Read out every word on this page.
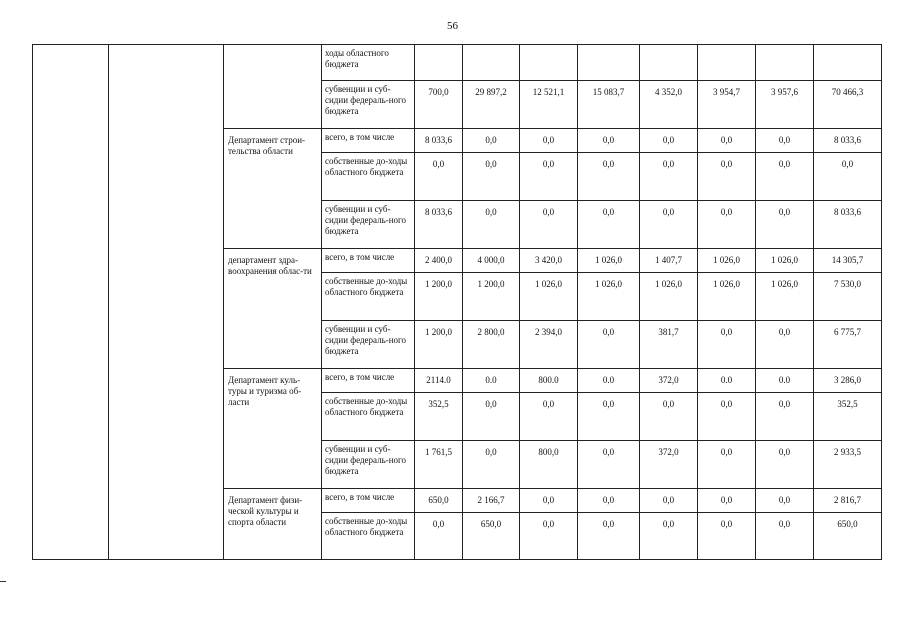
56
			ходы областного бюджета								
			субвенции и суб-сидии федераль-ного бюджета	700,0	29 897,2	12 521,1	15 083,7	4 352,0	3 954,7	3 957,6	70 466,3
		Департамент строи-тельства области	всего, в том числе	8 033,6	0,0	0,0	0,0	0,0	0,0	0,0	8 033,6
			собственные до-ходы областного бюджета	0,0	0,0	0,0	0,0	0,0	0,0	0,0	0,0
			субвенции и суб-сидии федераль-ного бюджета	8 033,6	0,0	0,0	0,0	0,0	0,0	0,0	8 033,6
		департамент здра-воохранения облас-ти	всего, в том числе	2 400,0	4 000,0	3 420,0	1 026,0	1 407,7	1 026,0	1 026,0	14 305,7
			собственные до-ходы областного бюджета	1 200,0	1 200,0	1 026,0	1 026,0	1 026,0	1 026,0	1 026,0	7 530,0
			субвенции и суб-сидии федераль-ного бюджета	1 200,0	2 800,0	2 394,0	0,0	381,7	0,0	0,0	6 775,7
		Департамент куль-туры и туризма об-ласти	всего, в том числе	2114.0	0.0	800.0	0.0	372,0	0.0	0.0	3 286,0
			собственные до-ходы областного бюджета	352,5	0,0	0,0	0,0	0,0	0,0	0,0	352,5
			субвенции и суб-сидии федераль-ного бюджета	1 761,5	0,0	800,0	0,0	372,0	0,0	0,0	2 933,5
		Департамент физи-ческой культуры и спорта области	всего, в том числе	650,0	2 166,7	0,0	0,0	0,0	0,0	0,0	2 816,7
			собственные до-ходы областного бюджета	0,0	650,0	0,0	0,0	0,0	0,0	0,0	650,0
